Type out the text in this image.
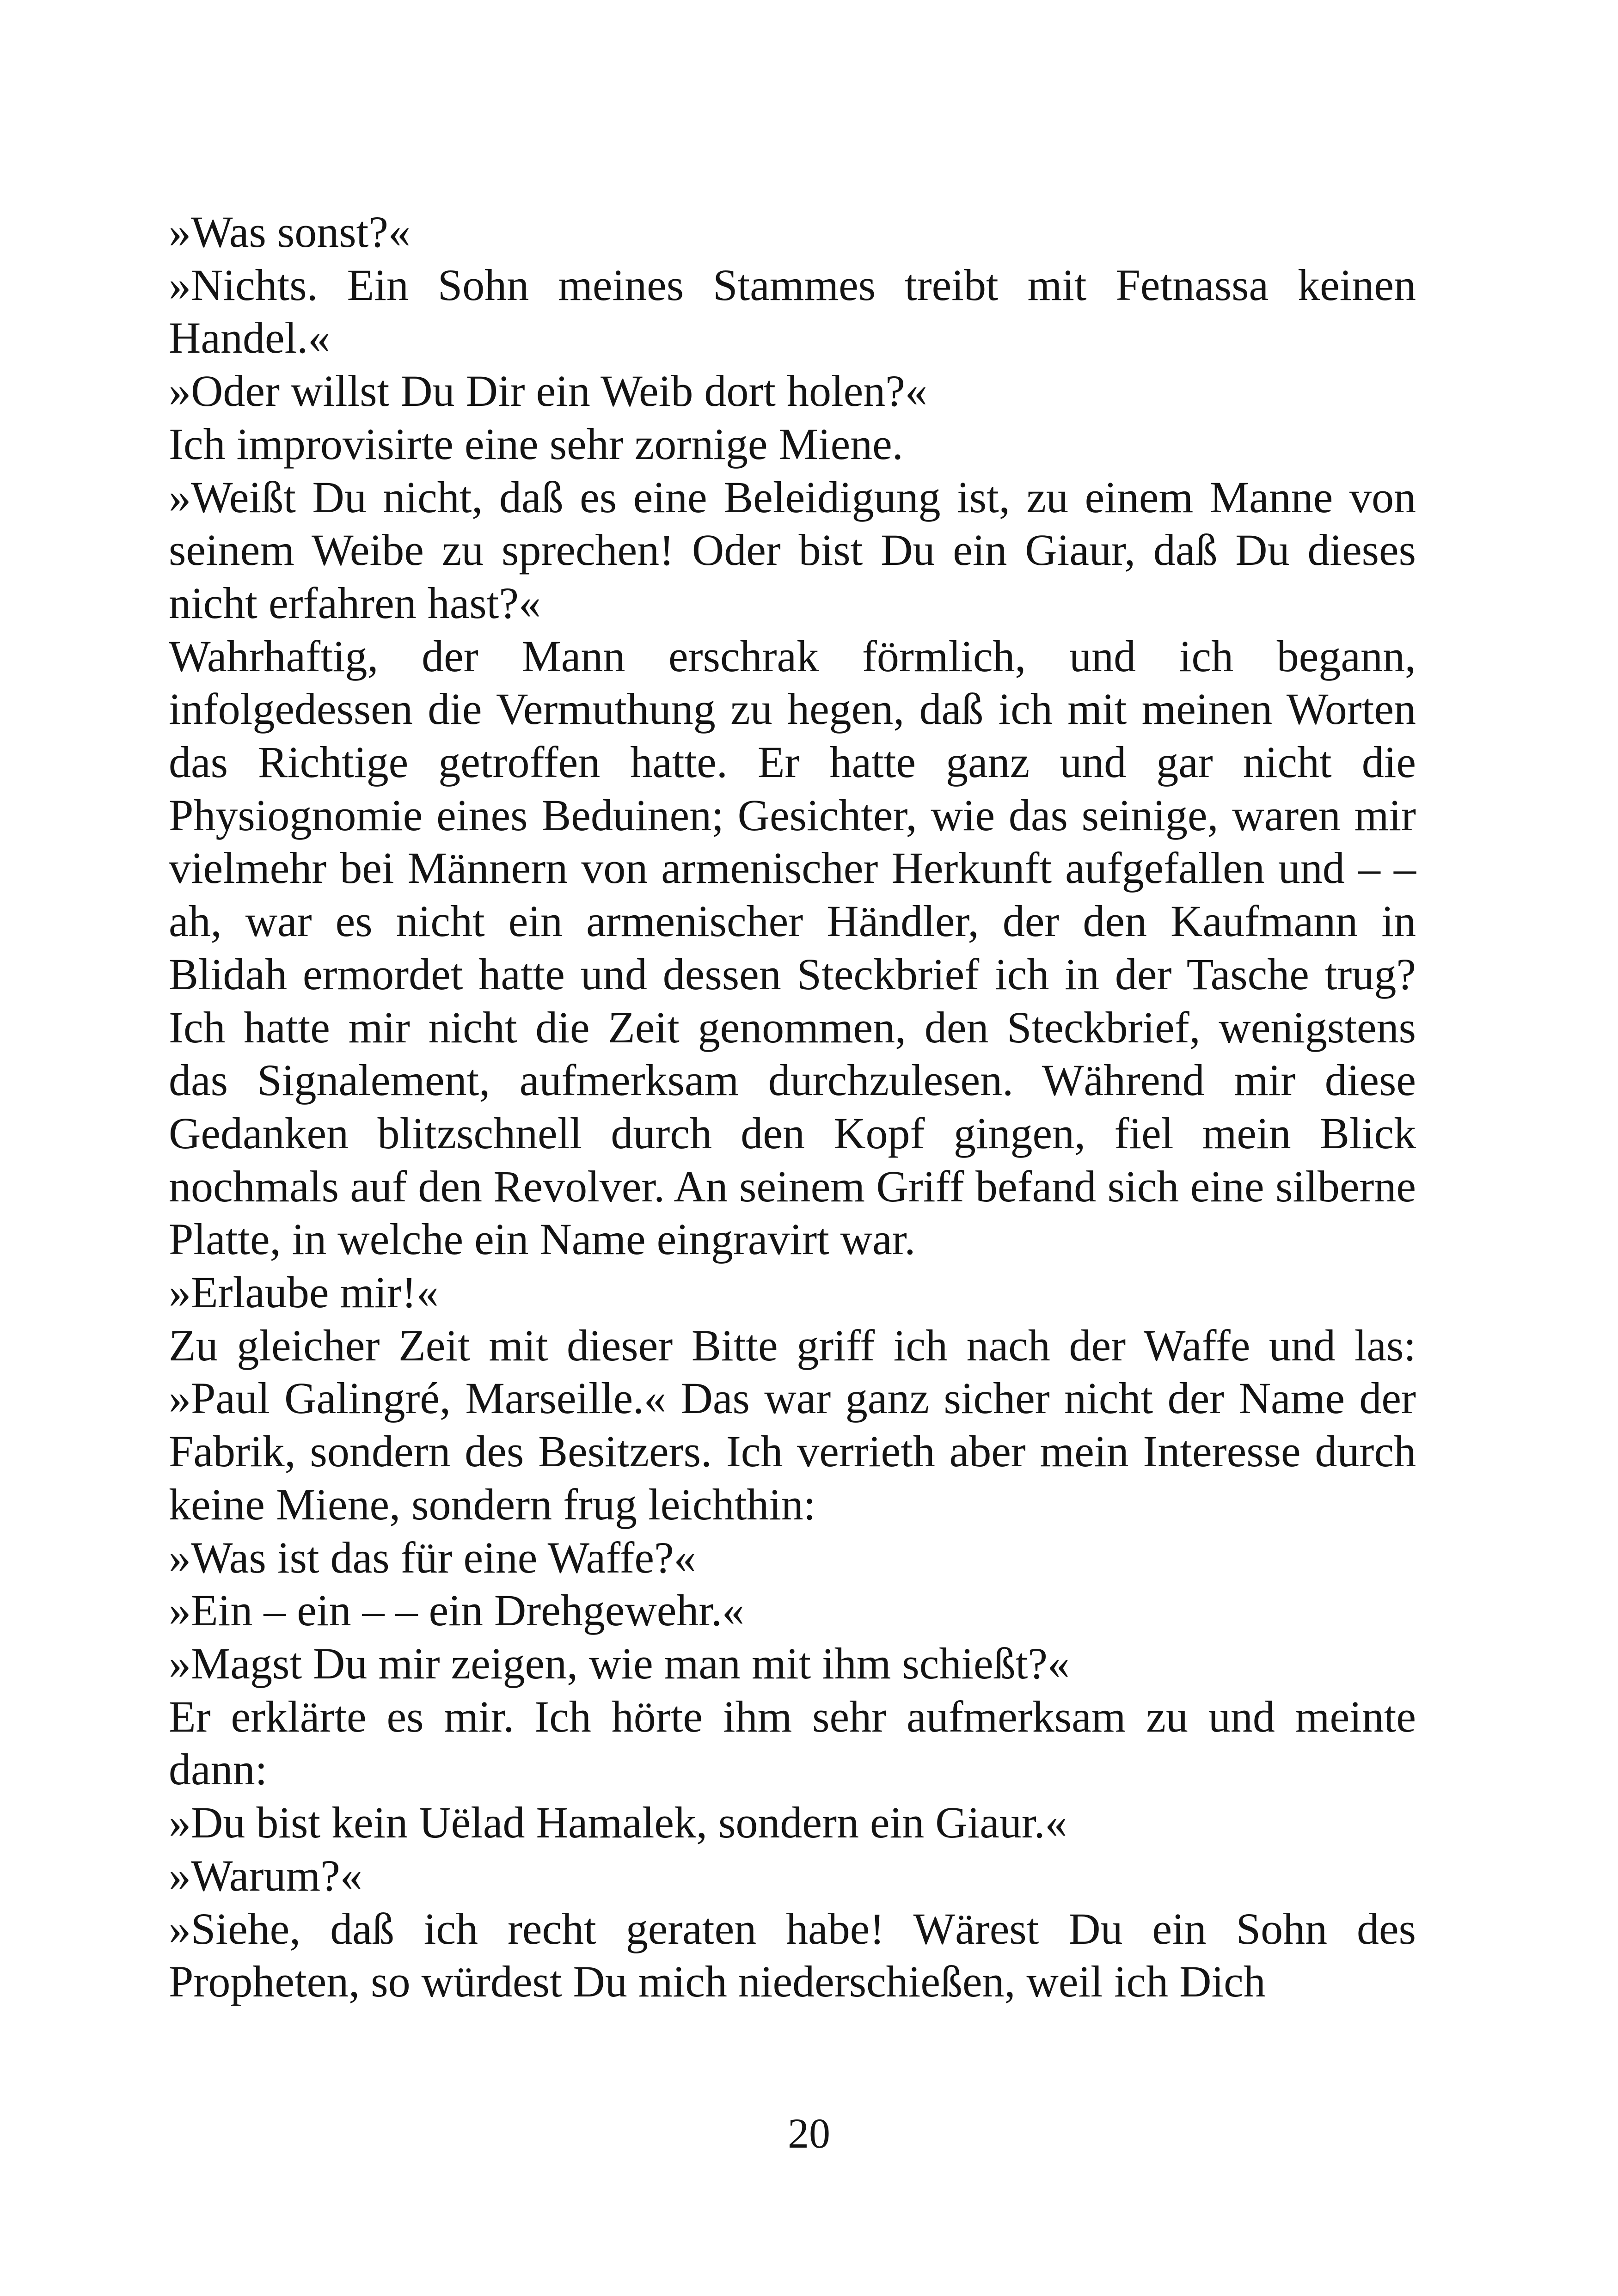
»Was sonst?«

»Nichts. Ein Sohn meines Stammes treibt mit Fetnassa keinen Handel.«

»Oder willst Du Dir ein Weib dort holen?«

Ich improvisirte eine sehr zornige Miene.

»Weißt Du nicht, daß es eine Beleidigung ist, zu einem Manne von seinem Weibe zu sprechen! Oder bist Du ein Giaur, daß Du dieses nicht erfahren hast?«

Wahrhaftig, der Mann erschrak förmlich, und ich begann, infolgedessen die Vermuthung zu hegen, daß ich mit meinen Worten das Richtige getroffen hatte. Er hatte ganz und gar nicht die Physiognomie eines Beduinen; Gesichter, wie das seinige, waren mir vielmehr bei Männern von armenischer Herkunft aufgefallen und – – ah, war es nicht ein armenischer Händler, der den Kaufmann in Blidah ermordet hatte und dessen Steckbrief ich in der Tasche trug? Ich hatte mir nicht die Zeit genommen, den Steckbrief, wenigstens das Signalement, aufmerksam durchzulesen. Während mir diese Gedanken blitzschnell durch den Kopf gingen, fiel mein Blick nochmals auf den Revolver. An seinem Griff befand sich eine silberne Platte, in welche ein Name eingravirt war.

»Erlaube mir!«

Zu gleicher Zeit mit dieser Bitte griff ich nach der Waffe und las: »Paul Galingré, Marseille.« Das war ganz sicher nicht der Name der Fabrik, sondern des Besitzers. Ich verrieth aber mein Interesse durch keine Miene, sondern frug leichthin:

»Was ist das für eine Waffe?«

»Ein – ein – – ein Drehgewehr.«

»Magst Du mir zeigen, wie man mit ihm schießt?«

Er erklärte es mir. Ich hörte ihm sehr aufmerksam zu und meinte dann:

»Du bist kein Uëlad Hamalek, sondern ein Giaur.«

»Warum?«

»Siehe, daß ich recht geraten habe! Wärest Du ein Sohn des Propheten, so würdest Du mich niederschießen, weil ich Dich

20
